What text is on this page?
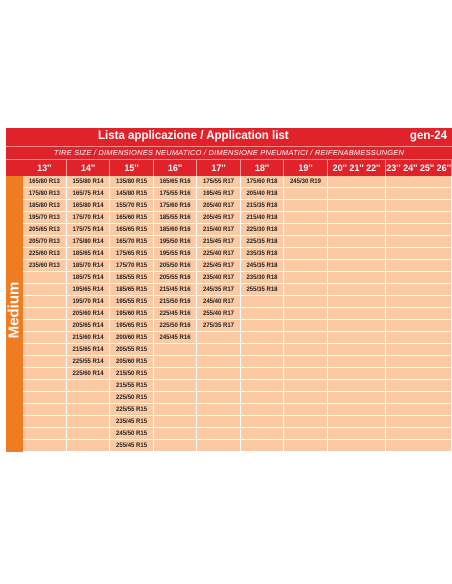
Lista applicazione / Application list	gen-24
TIRE SIZE / DIMENSIONES NEUMATICO / DIMENSIONE PNEUMATICI / REIFENABMESSUNGEN
Medium
13''	14''	15''	16''	17''	18''	19''	20'' 21'' 22''	23'' 24'' 25'' 26''
165/80 R13	155/80 R14	135/80 R15	165/65 R16	175/55 R17	175/60 R18	245/30 R19		
175/80 R13	165/75 R14	145/80 R15	175/55 R16	195/45 R17	205/40 R18			
185/80 R13	165/80 R14	155/70 R15	175/60 R16	205/40 R17	215/35 R18			
195/70 R13	175/70 R14	165/60 R15	185/55 R16	205/45 R17	215/40 R18			
205/65 R13	175/75 R14	165/65 R15	185/60 R16	215/40 R17	225/30 R18			
205/70 R13	175/80 R14	165/70 R15	195/50 R16	215/45 R17	225/35 R18			
225/60 R13	185/65 R14	175/65 R15	195/55 R16	225/40 R17	235/35 R18			
235/60 R13	185/70 R14	175/70 R15	205/50 R16	225/45 R17	245/35 R18			
	185/75 R14	185/55 R15	205/55 R16	235/40 R17	235/30 R18			
	195/65 R14	185/65 R15	215/45 R16	245/35 R17	255/35 R18			
	195/70 R14	195/55 R15	215/50 R16	245/40 R17				
	205/60 R14	195/60 R15	225/45 R16	255/40 R17				
	205/65 R14	195/65 R15	225/50 R16	275/35 R17				
	215/60 R14	200/60 R15	245/45 R16					
	215/65 R14	205/55 R15						
	225/55 R14	205/60 R15						
	225/60 R14	215/50 R15						
		215/55 R15						
		225/50 R15						
		225/55 R15						
		235/45 R15						
		245/50 R15						
		255/45 R15						
